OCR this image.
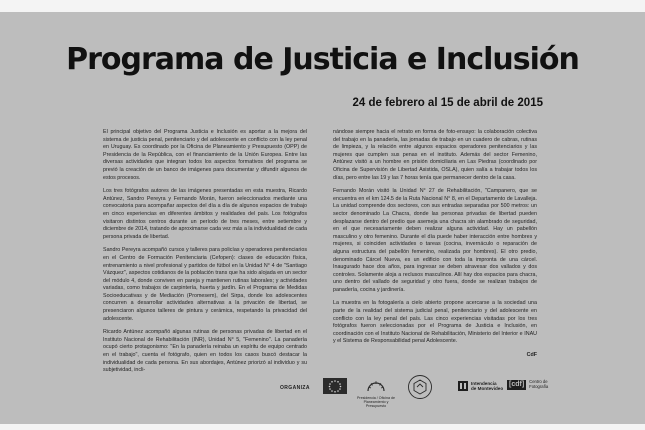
Programa de Justicia e Inclusión
24 de febrero al 15 de abril de 2015

El principal objetivo del Programa Justicia e Inclusión es aportar a la mejora del sistema de justicia penal, penitenciario y del adolescente en conflicto con la ley penal en Uruguay. Es coordinado por la Oficina de Planeamiento y Presupuesto (OPP) de Presidencia de la República, con el financiamiento de la Unión Europea. Entre las diversas actividades que integran todos los aspectos formativos del programa se previó la creación de un banco de imágenes para documentar y difundir algunos de estos procesos.

Los tres fotógrafos autores de las imágenes presentadas en esta muestra, Ricardo Antúnez, Sandro Pereyra y Fernando Morán, fueron seleccionados mediante una convocatoria para acompañar aspectos del día a día de algunos espacios de trabajo en cinco experiencias en diferentes ámbitos y realidades del país. Los fotógrafos visitaron distintos centros durante un período de tres meses, entre setiembre y diciembre de 2014, tratando de aproximarse cada vez más a la individualidad de cada persona privada de libertad.

Sandro Pereyra acompañó cursos y talleres para policías y operadores penitenciarios en el Centro de Formación Penitenciaria (Cefopen): clases de educación física, entrenamiento a nivel profesional y partidos de fútbol en la Unidad N° 4 de "Santiago Vázquez", aspectos cotidianos de la población trans que ha sido alojada en un sector del módulo 4, donde conviven en pareja y mantienen rutinas laborales; y actividades variadas, como trabajos de carpintería, huerta y jardín. En el Programa de Medidas Socioeducativas y de Mediación (Promesem), del Sirpa, donde los adolescentes concurren a desarrollar actividades alternativas a la privación de libertad, se presenciaron algunos talleres de pintura y cerámica, respetando la privacidad del adolescente.

Ricardo Antúnez acompañó algunas rutinas de personas privadas de libertad en el Instituto Nacional de Rehabilitación (INR), Unidad N° 5, "Femenino". La panadería ocupó cierto protagonismo: "En la panadería reinaba un espíritu de equipo centrado en el trabajo", cuenta el fotógrafo, quien en todos los casos buscó destacar la individualidad de cada persona. En sus abordajes, Antúnez priorizó al individuo y su subjetividad, incli-

nándose siempre hacia el retrato en forma de foto-ensayo: la colaboración colectiva del trabajo en la panadería, las jornadas de trabajo en un cuadero de cabras, rutinas de limpieza, y la relación entre algunos espacios operadores penitenciarios y las mujeres que cumplen sus penas en el instituto. Además del sector Femenino, Antúnez visitó a un hombre en prisión domiciliaria en Las Piedras (coordinado por Oficina de Supervisión de Libertad Asistida, OSLA), quien salía a trabajar todos los días, pero entre las 19 y las 7 horas tenía que permanecer dentro de la casa.

Fernando Morán visitó la Unidad N° 27 de Rehabilitación, "Campanero, que se encuentra en el km 124.5 de la Ruta Nacional N° 8, en el Departamento de Lavalleja. La unidad comprende dos sectores, con sus entradas separadas por 500 metros: un sector denominado La Chacra, donde las personas privadas de libertad pueden desplazarse dentro del predio que asemeja una chacra sin alambrado de seguridad, en el que necesariamente deben realizar alguna actividad. Hay un pabellón masculino y otro femenino. Durante el día puede haber interacción entre hombres y mujeres, si coinciden actividades o tareas (cocina, invernáculo o reparación de alguna estructura del pabellón femenino, realizada por hombres). El otro predio, denominado Cárcel Nueva, es un edificio con toda la impronta de una cárcel. Inaugurado hace dos años, para ingresar se deben atravesar dos vallados y dos controles. Solamente aloja a reclusos masculinos. Allí hay dos espacios para chacra, uno dentro del vallado de seguridad y otro fuera, donde se realizan trabajos de panadería, cocina y jardinería.

La muestra en la fotogalería a cielo abierto propone acercarse a la sociedad una parte de la realidad del sistema judicial penal, penitenciario y del adolescente en conflicto con la ley penal del país. Las cinco experiencias visitadas por los tres fotógrafos fueron seleccionadas por el Programa de Justicia e Inclusión, en coordinación con el Instituto Nacional de Rehabilitación, Ministerio del Interior e INAU y el Sistema de Responsabilidad penal Adolescente.

CdF

ORGANIZA
Presidencia / Oficina de Planeamiento y Presupuesto
Intendencia
de Montevideo
[cdf]	Centro de
Fotografía
